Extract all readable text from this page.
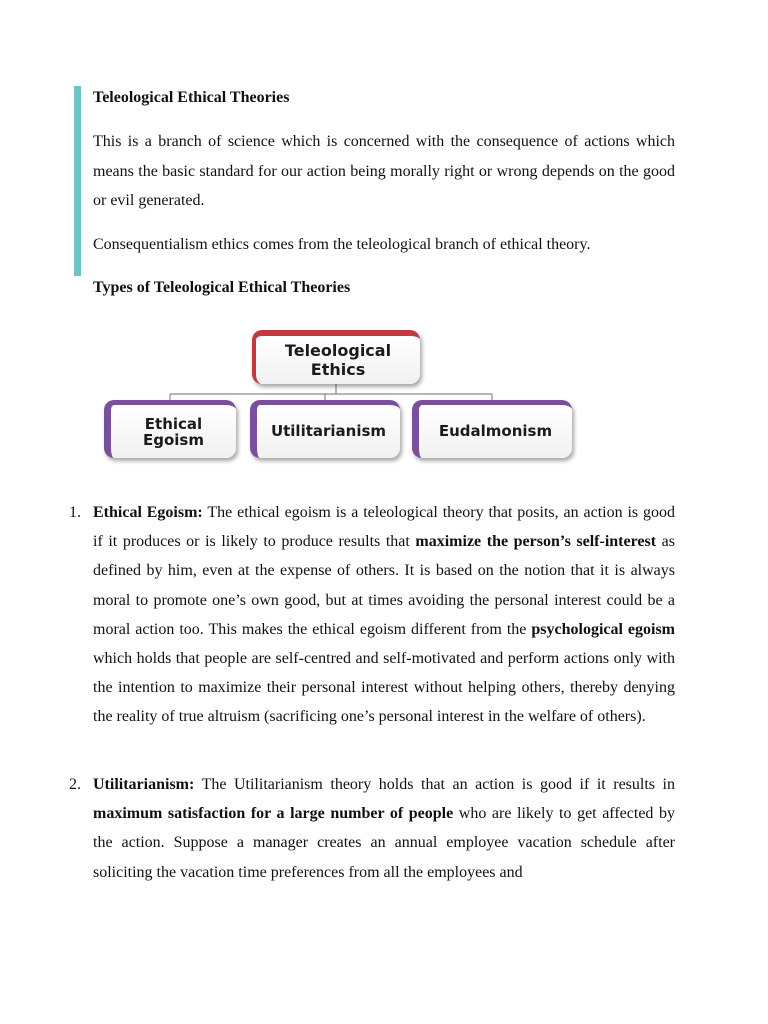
Teleological Ethical Theories

This is a branch of science which is concerned with the consequence of actions which means the basic standard for our action being morally right or wrong depends on the good or evil generated.

Consequentialism ethics comes from the teleological branch of ethical theory.

Types of Teleological Ethical Theories

Teleological
Ethics
Ethical
Egoism	Utilitarianism	Eudalmonism
1. Ethical Egoism: The ethical egoism is a teleological theory that posits, an action is good if it produces or is likely to produce results that maximize the person’s self-interest as defined by him, even at the expense of others. It is based on the notion that it is always moral to promote one’s own good, but at times avoiding the personal interest could be a moral action too. This makes the ethical egoism different from the psychological egoism which holds that people are self-centred and self-motivated and perform actions only with the intention to maximize their personal interest without helping others, thereby denying the reality of true altruism (sacrificing one’s personal interest in the welfare of others).
2. Utilitarianism: The Utilitarianism theory holds that an action is good if it results in maximum satisfaction for a large number of people who are likely to get affected by the action. Suppose a manager creates an annual employee vacation schedule after soliciting the vacation time preferences from all the employees and
